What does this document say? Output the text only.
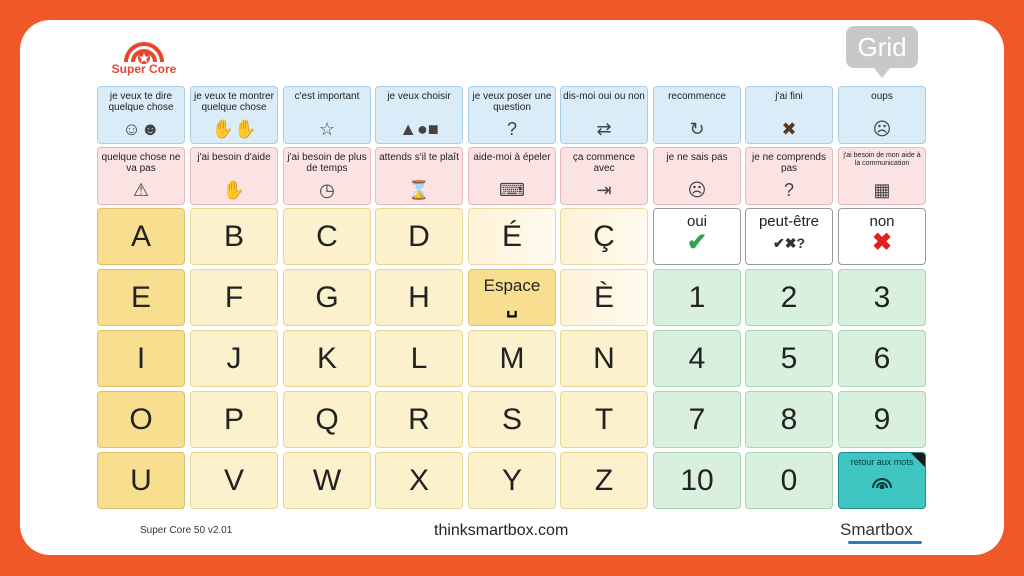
Super Core
Grid
je veux te dire quelque chose
☺☻
je veux te montrer quelque chose
✋✋
c'est important
☆
je veux choisir
▲●■
je veux poser une question
?
dis-moi oui ou non
⇄
recommence
↻
j'ai fini
✖
oups
☹
quelque chose ne va pas
⚠
j'ai besoin d'aide
✋
j'ai besoin de plus de temps
◷
attends s'il te plaît
⌛
aide-moi à épeler
⌨
ça commence avec
⇥
je ne sais pas
☹
je ne comprends pas
?
j'ai besoin de mon aide à la communication
▦
A	B	C	D	É	Ç	oui
✔
peut-être
✔✖?
non
✖
E	F	G	H	Espace
␣	È	1	2	3
I	J	K	L	M	N	4	5	6
O	P	Q	R	S	T	7	8	9
U	V	W	X	Y	Z	10	0
retour aux mots
Super Core 50 v2.01	thinksmartbox.com	Smartbox
